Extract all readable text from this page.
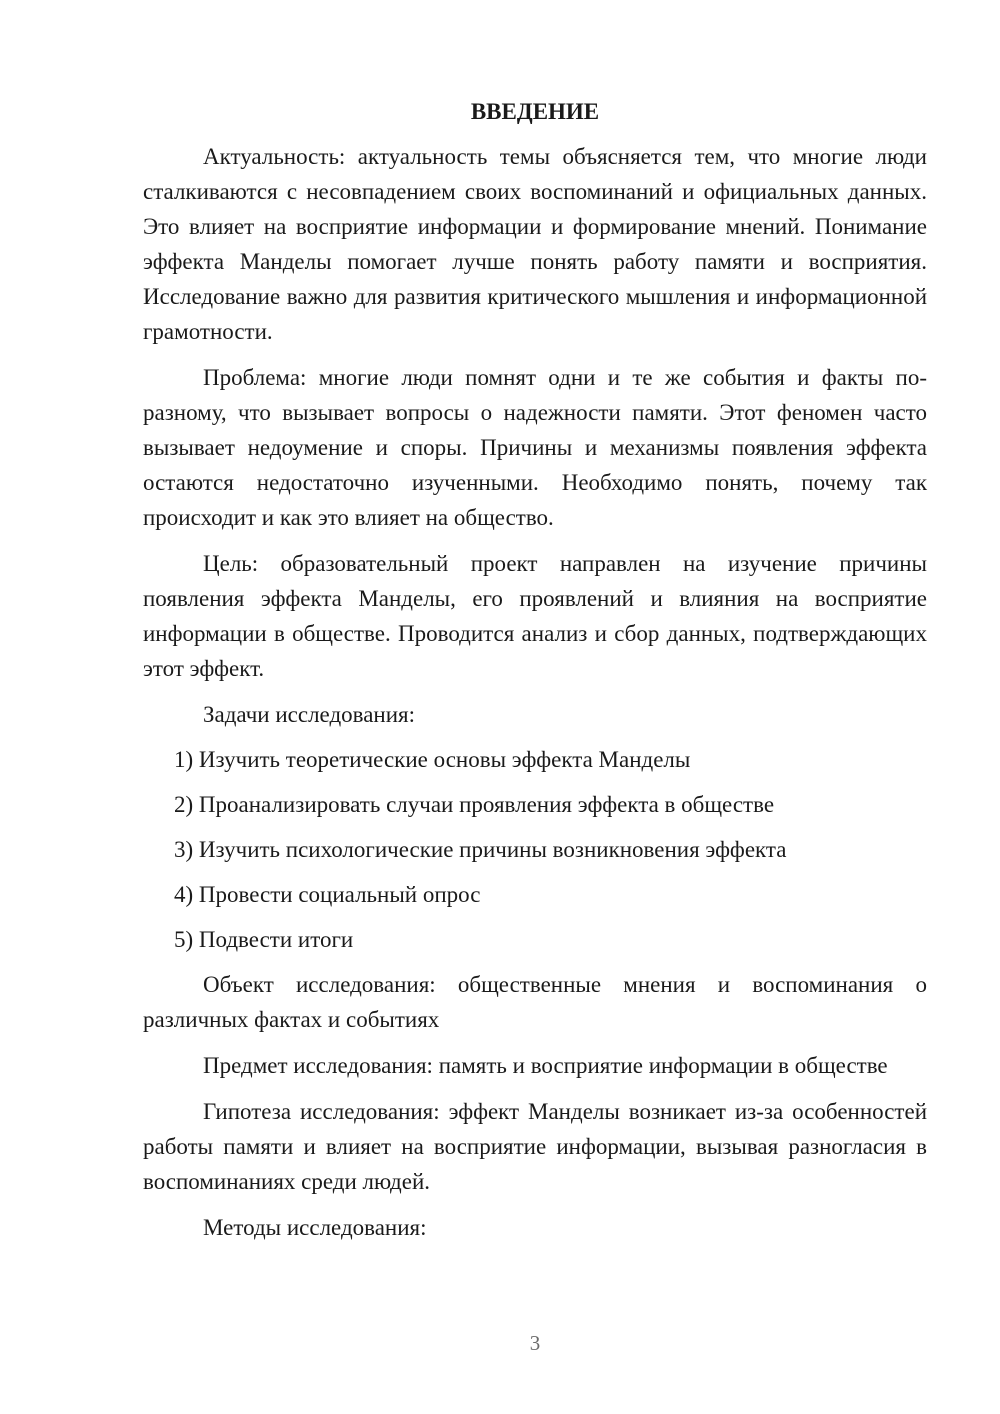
ВВЕДЕНИЕ

Актуальность: актуальность темы объясняется тем, что многие люди сталкиваются с несовпадением своих воспоминаний и официальных данных. Это влияет на восприятие информации и формирование мнений. Понимание эффекта Манделы помогает лучше понять работу памяти и восприятия. Исследование важно для развития критического мышления и информационной грамотности.

Проблема: многие люди помнят одни и те же события и факты по-разному, что вызывает вопросы о надежности памяти. Этот феномен часто вызывает недоумение и споры. Причины и механизмы появления эффекта остаются недостаточно изученными. Необходимо понять, почему так происходит и как это влияет на общество.

Цель: образовательный проект направлен на изучение причины появления эффекта Манделы, его проявлений и влияния на восприятие информации в обществе. Проводится анализ и сбор данных, подтверждающих этот эффект.

Задачи исследования:

1) Изучить теоретические основы эффекта Манделы
2) Проанализировать случаи проявления эффекта в обществе
3) Изучить психологические причины возникновения эффекта
4) Провести социальный опрос
5) Подвести итоги

Объект исследования: общественные мнения и воспоминания о различных фактах и событиях

Предмет исследования: память и восприятие информации в обществе

Гипотеза исследования: эффект Манделы возникает из-за особенностей работы памяти и влияет на восприятие информации, вызывая разногласия в воспоминаниях среди людей.

Методы исследования:

3
